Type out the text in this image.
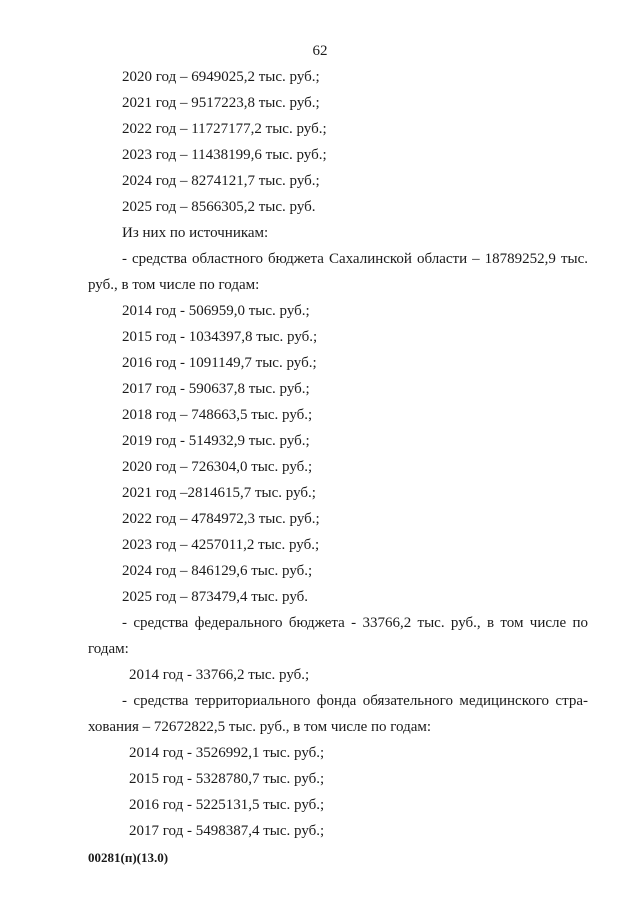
62
2020 год – 6949025,2 тыс. руб.;
2021 год – 9517223,8 тыс. руб.;
2022 год – 11727177,2 тыс. руб.;
2023 год – 11438199,6 тыс. руб.;
2024 год – 8274121,7 тыс. руб.;
2025 год – 8566305,2 тыс. руб.
Из них по источникам:
- средства областного бюджета Сахалинской области – 18789252,9 тыс.
руб., в том числе по годам:
2014 год - 506959,0 тыс. руб.;
2015 год - 1034397,8 тыс. руб.;
2016 год - 1091149,7 тыс. руб.;
2017 год - 590637,8 тыс. руб.;
2018 год – 748663,5 тыс. руб.;
2019 год - 514932,9 тыс. руб.;
2020 год – 726304,0 тыс. руб.;
2021 год –2814615,7 тыс. руб.;
2022 год – 4784972,3 тыс. руб.;
2023 год – 4257011,2 тыс. руб.;
2024 год – 846129,6 тыс. руб.;
2025 год – 873479,4 тыс. руб.
- средства федерального бюджета - 33766,2 тыс. руб., в том числе по
годам:
2014 год - 33766,2 тыс. руб.;
- средства территориального фонда обязательного медицинского стра-
хования – 72672822,5 тыс. руб., в том числе по годам:
2014 год - 3526992,1 тыс. руб.;
2015 год - 5328780,7 тыс. руб.;
2016 год - 5225131,5 тыс. руб.;
2017 год - 5498387,4 тыс. руб.;
00281(п)(13.0)
